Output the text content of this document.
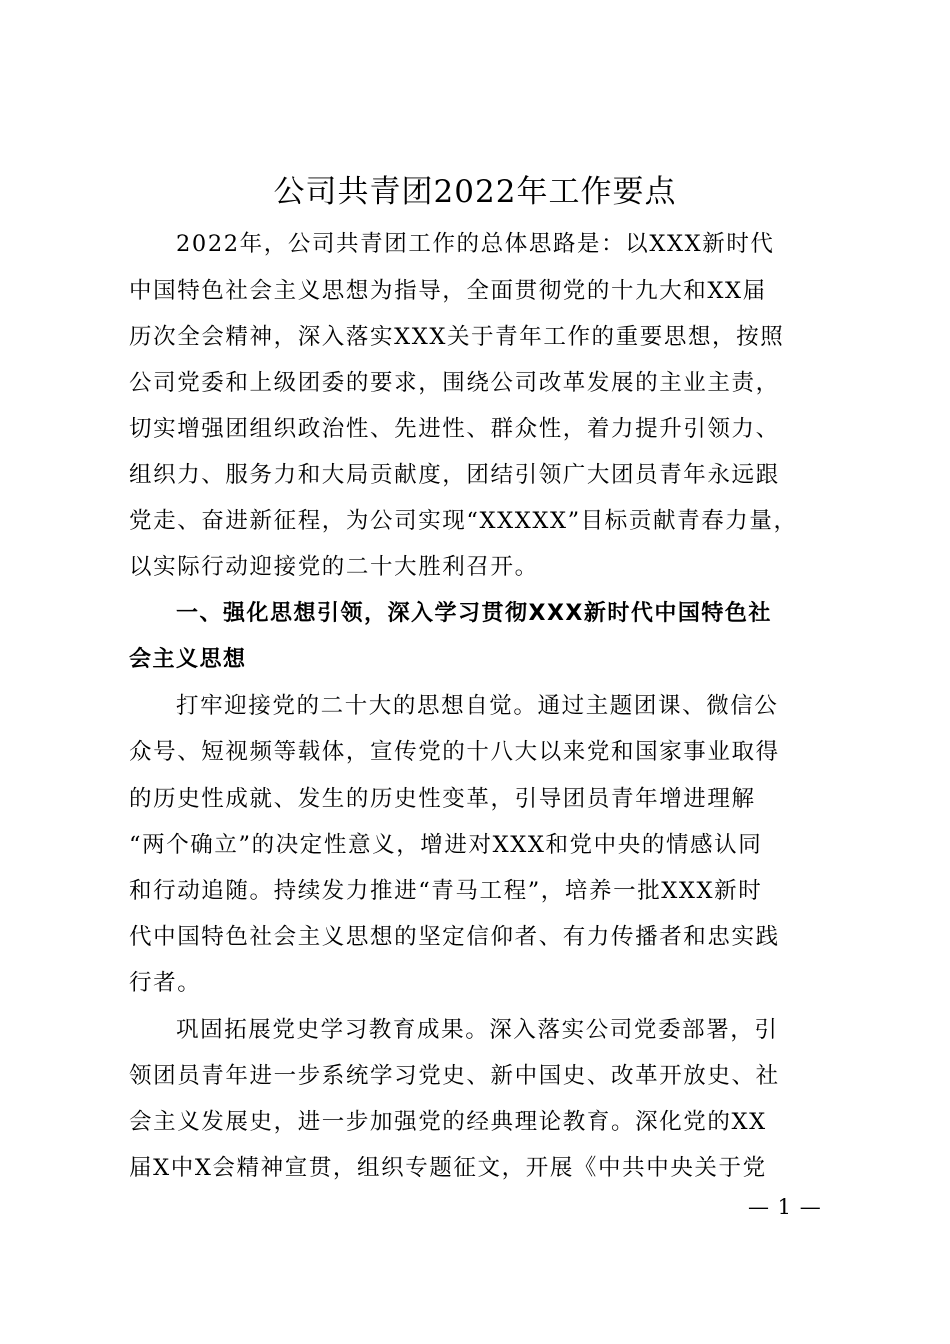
公司共青团2022年工作要点
2022年，公司共青团工作的总体思路是：以XXX新时代
中国特色社会主义思想为指导，全面贯彻党的十九大和XX届
历次全会精神，深入落实XXX关于青年工作的重要思想，按照
公司党委和上级团委的要求，围绕公司改革发展的主业主责，
切实增强团组织政治性、先进性、群众性，着力提升引领力、
组织力、服务力和大局贡献度，团结引领广大团员青年永远跟
党走、奋进新征程，为公司实现“XXXXX”目标贡献青春力量，
以实际行动迎接党的二十大胜利召开。
一、强化思想引领，深入学习贯彻XXX新时代中国特色社
会主义思想
打牢迎接党的二十大的思想自觉。通过主题团课、微信公
众号、短视频等载体，宣传党的十八大以来党和国家事业取得
的历史性成就、发生的历史性变革，引导团员青年增进理解
“两个确立”的决定性意义，增进对XXX和党中央的情感认同
和行动追随。持续发力推进“青马工程”，培养一批XXX新时
代中国特色社会主义思想的坚定信仰者、有力传播者和忠实践
行者。
巩固拓展党史学习教育成果。深入落实公司党委部署，引
领团员青年进一步系统学习党史、新中国史、改革开放史、社
会主义发展史，进一步加强党的经典理论教育。深化党的XX
届X中X会精神宣贯，组织专题征文，开展《中共中央关于党
— 1 —
